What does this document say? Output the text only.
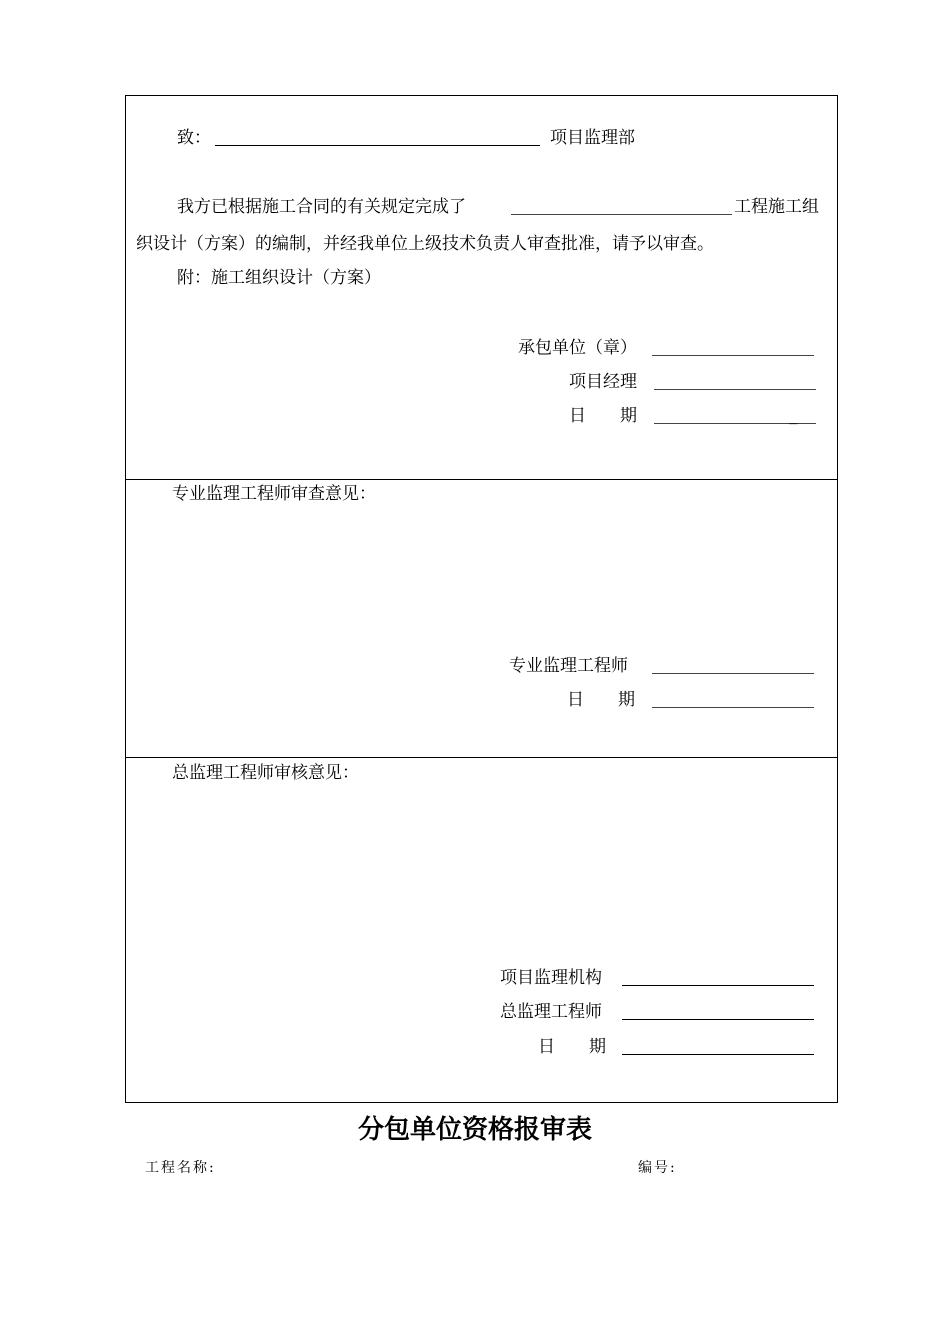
致：	项目监理部
我方已根据施工合同的有关规定完成了	工程施工组
织设计（方案）的编制，并经我单位上级技术负责人审查批准，请予以审查。
附：施工组织设计（方案）
承包单位（章）
项目经理
日　　期	_
专业监理工程师审查意见：
专业监理工程师
日　　期
总监理工程师审核意见：
项目监理机构
总监理工程师
日　　期
分包单位资格报审表
工程名称:	编号:
